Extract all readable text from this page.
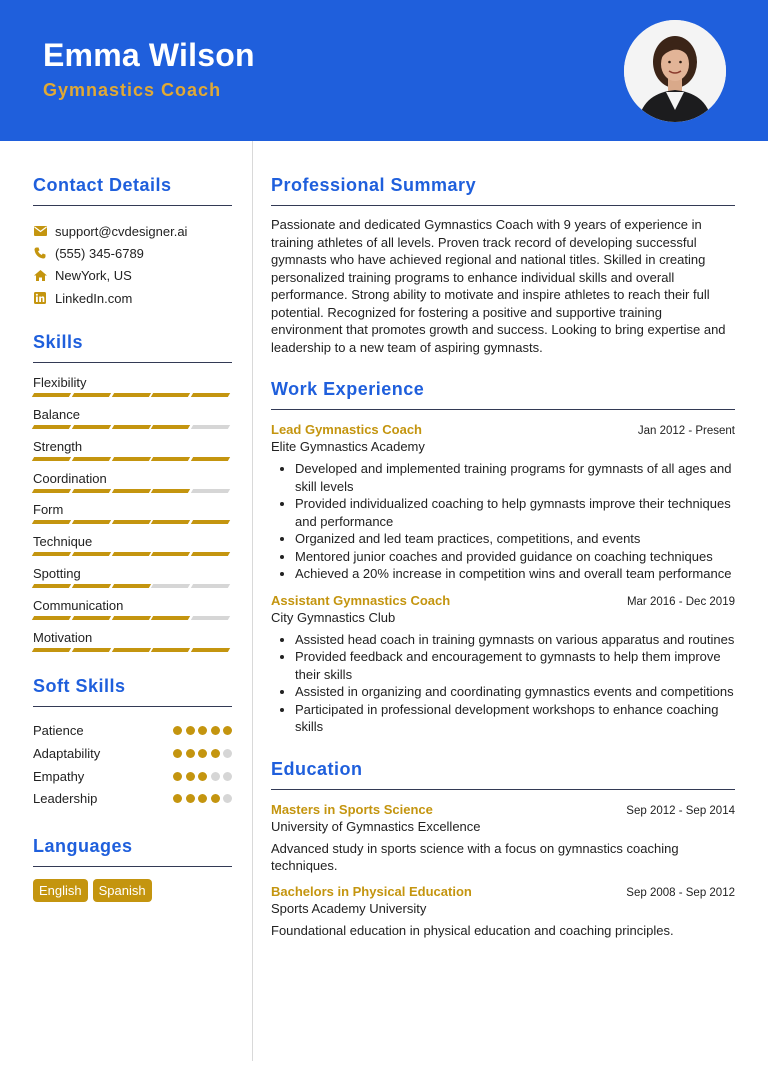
Emma Wilson
Gymnastics Coach
Contact Details
support@cvdesigner.ai
(555) 345-6789
NewYork, US
LinkedIn.com
Skills
Flexibility
Balance
Strength
Coordination
Form
Technique
Spotting
Communication
Motivation
Soft Skills
Patience
Adaptability
Empathy
Leadership
Languages
English	Spanish
Professional Summary
Passionate and dedicated Gymnastics Coach with 9 years of experience in training athletes of all levels. Proven track record of developing successful gymnasts who have achieved regional and national titles. Skilled in creating personalized training programs to enhance individual skills and overall performance. Strong ability to motivate and inspire athletes to reach their full potential. Recognized for fostering a positive and supportive training environment that promotes growth and success. Looking to bring expertise and leadership to a new team of aspiring gymnasts.
Work Experience
Lead Gymnastics Coach	Jan 2012 - Present
Elite Gymnastics Academy
• Developed and implemented training programs for gymnasts of all ages and skill levels
• Provided individualized coaching to help gymnasts improve their techniques and performance
• Organized and led team practices, competitions, and events
• Mentored junior coaches and provided guidance on coaching techniques
• Achieved a 20% increase in competition wins and overall team performance
Assistant Gymnastics Coach	Mar 2016 - Dec 2019
City Gymnastics Club
• Assisted head coach in training gymnasts on various apparatus and routines
• Provided feedback and encouragement to gymnasts to help them improve their skills
• Assisted in organizing and coordinating gymnastics events and competitions
• Participated in professional development workshops to enhance coaching skills
Education
Masters in Sports Science	Sep 2012 - Sep 2014
University of Gymnastics Excellence
Advanced study in sports science with a focus on gymnastics coaching techniques.
Bachelors in Physical Education	Sep 2008 - Sep 2012
Sports Academy University
Foundational education in physical education and coaching principles.
